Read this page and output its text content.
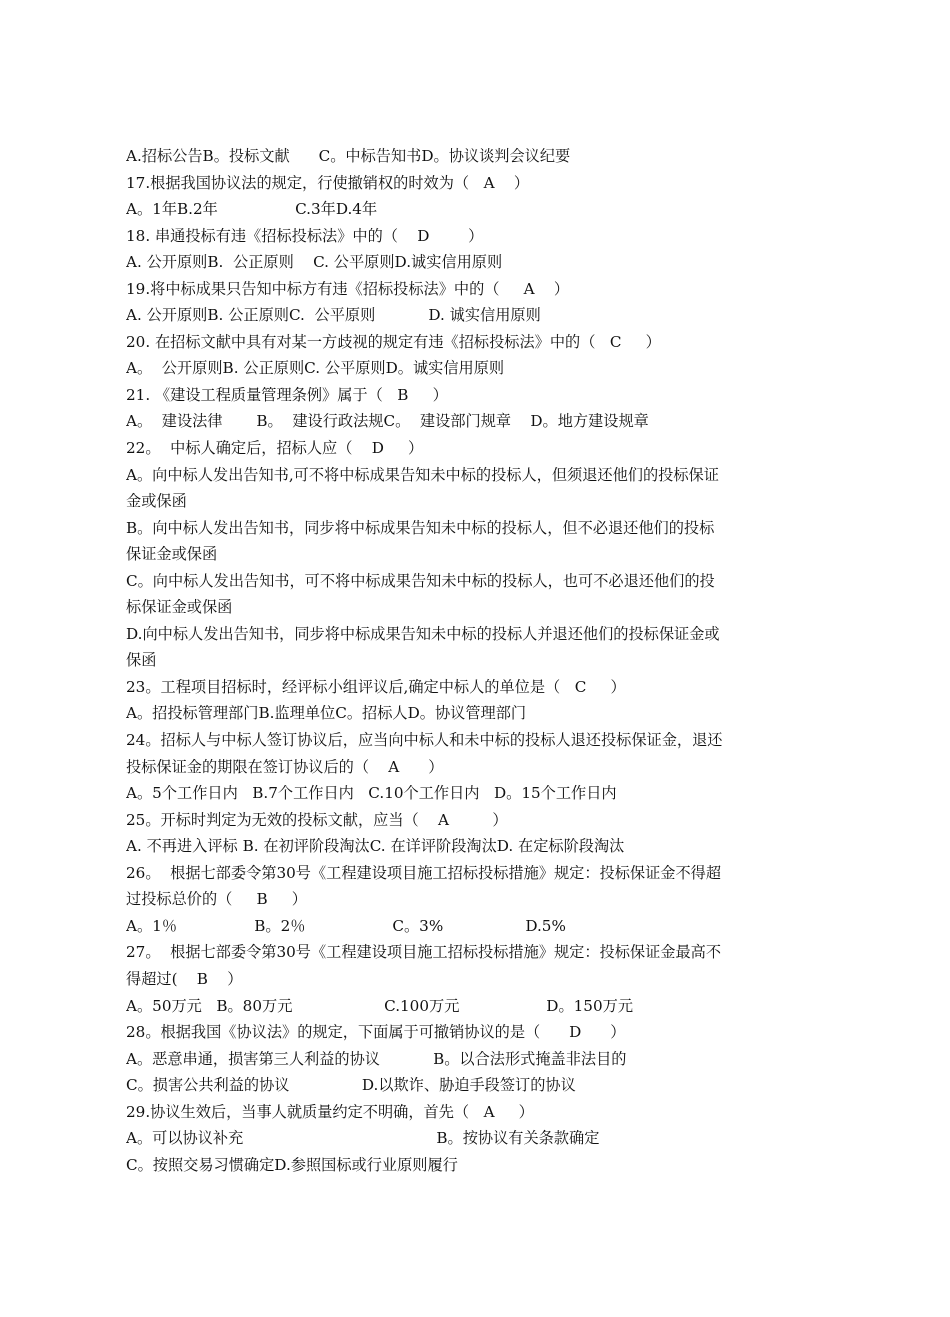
A.招标公告B。投标文献      C。中标告知书D。协议谈判会议纪要
17.根据我国协议法的规定，行使撤销权的时效为（   A    ）
A。1年B.2年                C.3年D.4年
18. 串通投标有违《招标投标法》中的（    D        ）
A. 公开原则B.  公正原则    C. 公平原则D.诚实信用原则
19.将中标成果只告知中标方有违《招标投标法》中的（     A    ）
A. 公开原则B. 公正原则C.  公平原则           D. 诚实信用原则
20. 在招标文献中具有对某一方歧视的规定有违《招标投标法》中的（   C     ）
A。  公开原则B. 公正原则C. 公平原则D。诚实信用原则
21. 《建设工程质量管理条例》属于（   B     ）
A。  建设法律       B。  建设行政法规C。  建设部门规章    D。地方建设规章
22。  中标人确定后，招标人应（    D     ）
A。向中标人发出告知书,可不将中标成果告知未中标的投标人，但须退还他们的投标保证
金或保函
B。向中标人发出告知书，同步将中标成果告知未中标的投标人，但不必退还他们的投标
保证金或保函
C。向中标人发出告知书，可不将中标成果告知未中标的投标人，也可不必退还他们的投
标保证金或保函
D.向中标人发出告知书，同步将中标成果告知未中标的投标人并退还他们的投标保证金或
保函
23。工程项目招标时，经评标小组评议后,确定中标人的单位是（   C     ）
A。招投标管理部门B.监理单位C。招标人D。协议管理部门
24。招标人与中标人签订协议后，应当向中标人和未中标的投标人退还投标保证金，退还
投标保证金的期限在签订协议后的（    A      ）
A。5个工作日内   B.7个工作日内   C.10个工作日内   D。15个工作日内
25。开标时判定为无效的投标文献，应当（    A         ）
A. 不再进入评标 B. 在初评阶段淘汰C. 在详评阶段淘汰D. 在定标阶段淘汰
26。  根据七部委令第30号《工程建设项目施工招标投标措施》规定：投标保证金不得超
过投标总价的（     B     ）
A。1％                B。2％                  C。3%                 D.5%
27。  根据七部委令第30号《工程建设项目施工招标投标措施》规定：投标保证金最高不
得超过(    B    ）
A。50万元   B。80万元                   C.100万元                  D。150万元
28。根据我国《协议法》的规定，下面属于可撤销协议的是（      D      ）
A。恶意串通，损害第三人利益的协议           B。以合法形式掩盖非法目的
C。损害公共利益的协议               D.以欺诈、胁迫手段签订的协议
29.协议生效后，当事人就质量约定不明确，首先（   A     ）
A。可以协议补充                                        B。按协议有关条款确定
C。按照交易习惯确定D.参照国标或行业原则履行
